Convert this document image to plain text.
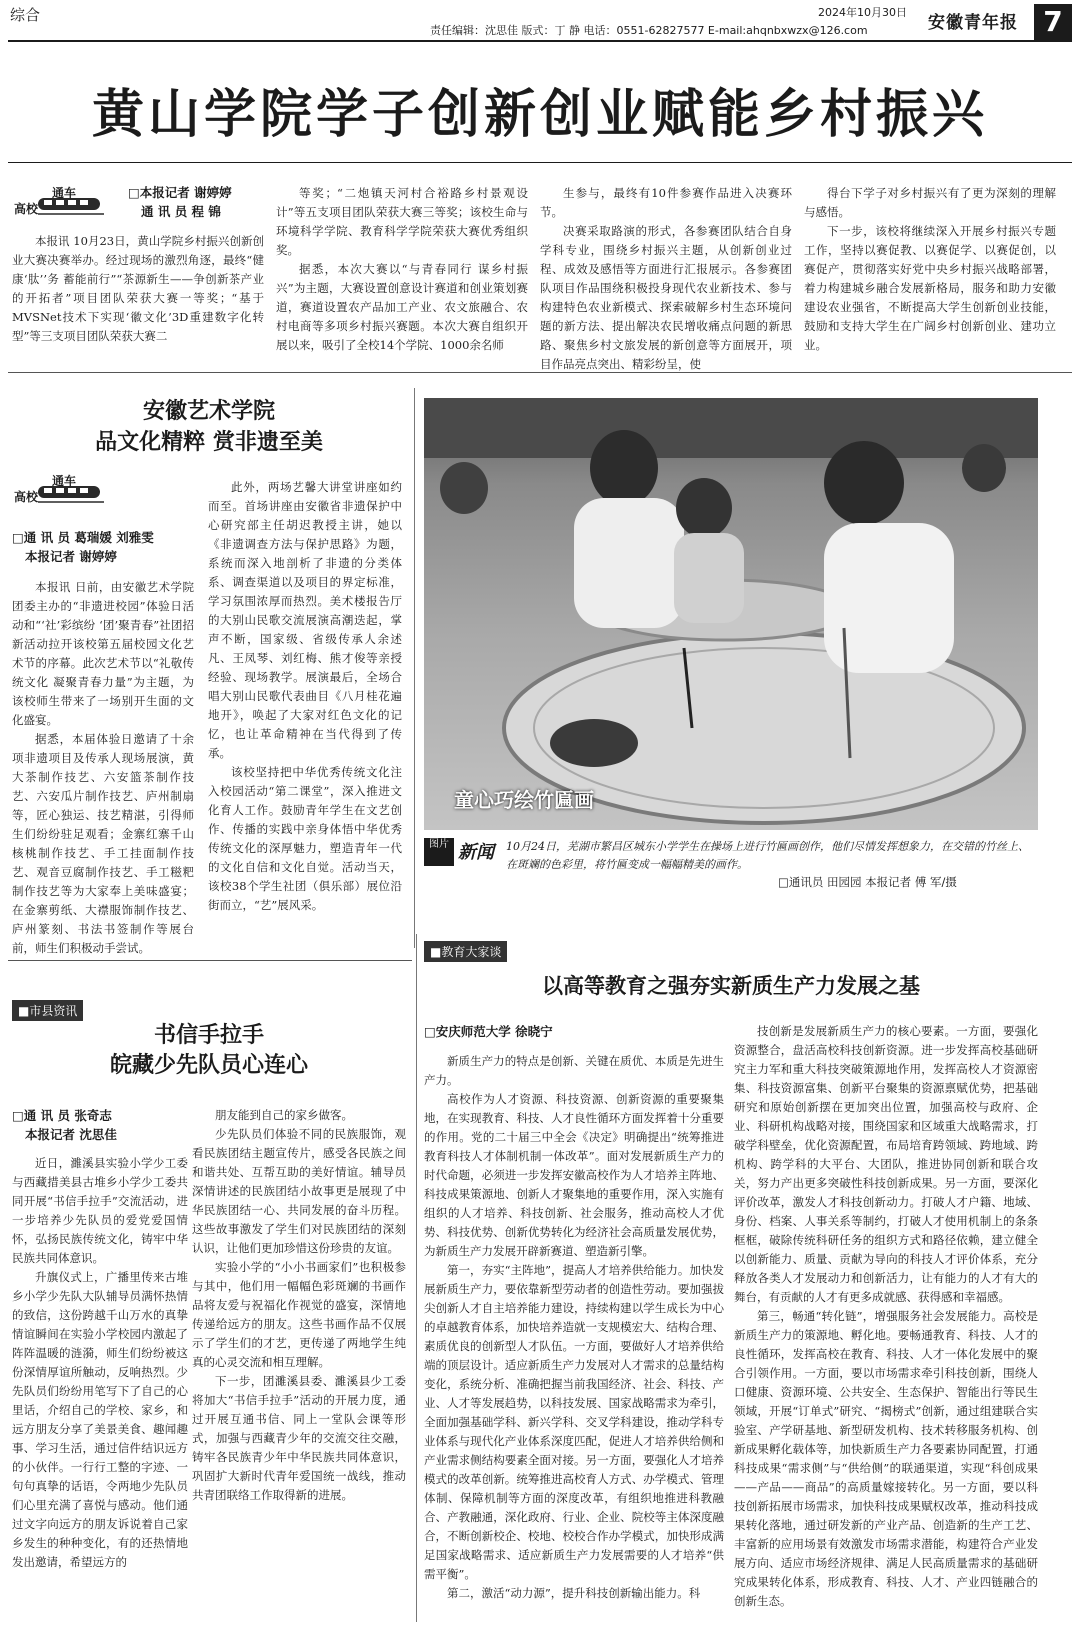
综合	2024年10月30日
责任编辑：沈思佳 版式：丁 静 电话：0551-62827577 E-mail:ahqnbxwzx@126.com	安徽青年报 7
黄山学院学子创新创业赋能乡村振兴
高校
通车	□本报记者 谢婷婷
通 讯 员 程 锦

本报讯 10月23日，黄山学院乡村振兴创新创业大赛决赛举办。经过现场的激烈角逐，最终“健康‘肽’’务 蓄能前行”“茶源新生——争创新茶产业的开拓者”项目团队荣获大赛一等奖；“基于MVSNet技术下实现‘徽文化’3D重建数字化转型”等三支项目团队荣获大赛二

等奖；“二炮镇天河村合裕路乡村景观设计”等五支项目团队荣获大赛三等奖；该校生命与环境科学学院、教育科学学院荣获大赛优秀组织奖。

据悉，本次大赛以“与青春同行 谋乡村振兴”为主题，大赛设置创意设计赛道和创业策划赛道，赛道设置农产品加工产业、农文旅融合、农村电商等多项乡村振兴赛题。本次大赛自组织开展以来，吸引了全校14个学院、1000余名师

生参与，最终有10件参赛作品进入决赛环节。

决赛采取路演的形式，各参赛团队结合自身学科专业，围绕乡村振兴主题，从创新创业过程、成效及感悟等方面进行汇报展示。各参赛团队项目作品围绕积极投身现代农业新技术、参与构建特色农业新模式、探索破解乡村生态环境问题的新方法、提出解决农民增收痛点问题的新思路、聚焦乡村文旅发展的新创意等方面展开，项目作品亮点突出、精彩纷呈，使

得台下学子对乡村振兴有了更为深刻的理解与感悟。

下一步，该校将继续深入开展乡村振兴专题工作，坚持以赛促教、以赛促学、以赛促创，以赛促产，贯彻落实好党中央乡村振兴战略部署，着力构建城乡融合发展新格局，服务和助力安徽建设农业强省，不断提高大学生创新创业技能，鼓励和支持大学生在广阔乡村创新创业、建功立业。

安徽艺术学院
品文化精粹 赏非遗至美
高校
通车
□通 讯 员 葛瑞媛 刘雅雯
本报记者 谢婷婷

本报讯 日前，由安徽艺术学院团委主办的“非遗进校园”体验日活动和“‘社’彩缤纷 ‘团’聚青春”社团招新活动拉开该校第五届校园文化艺术节的序幕。此次艺术节以“礼敬传统文化 凝聚青春力量”为主题，为该校师生带来了一场别开生面的文化盛宴。

据悉，本届体验日邀请了十余项非遗项目及传承人现场展演，黄大茶制作技艺、六安篮茶制作技艺、六安瓜片制作技艺、庐州制扇等，匠心独运、技艺精湛，引得师生们纷纷驻足观看；金寨红寨千山核桃制作技艺、手工挂面制作技艺、观音豆腐制作技艺、手工糍粑制作技艺等为大家奉上美味盛宴；在金寨剪纸、大襟服饰制作技艺、庐州篆刻、书法书签制作等展台前，师生们积极动手尝试。

此外，两场艺馨大讲堂讲座如约而至。首场讲座由安徽省非遗保护中心研究部主任胡迟教授主讲，她以《非遗调查方法与保护思路》为题，系统而深入地剖析了非遗的分类体系、调查渠道以及项目的界定标准，学习氛围浓厚而热烈。美术楼报告厅的大别山民歌交流展演高潮迭起，掌声不断，国家级、省级传承人余述凡、王凤琴、刘红梅、熊才俊等亲授经验、现场教学。展演最后，全场合唱大别山民歌代表曲目《八月桂花遍地开》，唤起了大家对红色文化的记忆，也让革命精神在当代得到了传承。

该校坚持把中华优秀传统文化注入校园活动“第二课堂”，深入推进文化育人工作。鼓励青年学生在文艺创作、传播的实践中亲身体悟中华优秀传统文化的深厚魅力，塑造青年一代的文化自信和文化自觉。活动当天，该校38个学生社团（俱乐部）展位沿街而立，“艺”展风采。

童心巧绘竹匾画
图片 新闻 10月24日，芜湖市繁昌区城东小学学生在操场上进行竹匾画创作，他们尽情发挥想象力，在交错的竹丝上、在斑斓的色彩里，将竹匾变成一幅幅精美的画作。
□通讯员 田园园 本报记者 傅 军/摄
■教育大家谈
以高等教育之强夯实新质生产力发展之基
□安庆师范大学 徐晓宁

新质生产力的特点是创新、关键在质优、本质是先进生产力。

高校作为人才资源、科技资源、创新资源的重要聚集地，在实现教育、科技、人才良性循环方面发挥着十分重要的作用。党的二十届三中全会《决定》明确提出“统筹推进教育科技人才体制机制一体改革”。面对发展新质生产力的时代命题，必须进一步发挥安徽高校作为人才培养主阵地、科技成果策源地、创新人才聚集地的重要作用，深入实施有组织的人才培养、科技创新、社会服务，推动高校人才优势、科技优势、创新优势转化为经济社会高质量发展优势，为新质生产力发展开辟新赛道、塑造新引擎。

第一，夯实“主阵地”，提高人才培养供给能力。加快发展新质生产力，要依靠新型劳动者的创造性劳动。要加强拔尖创新人才自主培养能力建设，持续构建以学生成长为中心的卓越教育体系，加快培养造就一支规模宏大、结构合理、素质优良的创新型人才队伍。一方面，要做好人才培养供给端的顶层设计。适应新质生产力发展对人才需求的总量结构变化，系统分析、准确把握当前我国经济、社会、科技、产业、人才等发展趋势，以科技发展、国家战略需求为牵引，全面加强基础学科、新兴学科、交叉学科建设，推动学科专业体系与现代化产业体系深度匹配，促进人才培养供给侧和产业需求侧结构要素全面对接。另一方面，要强化人才培养模式的改革创新。统筹推进高校育人方式、办学模式、管理体制、保障机制等方面的深度改革，有组织地推进科教融合、产教融通，深化政府、行业、企业、院校等主体深度融合，不断创新校企、校地、校校合作办学模式，加快形成满足国家战略需求、适应新质生产力发展需要的人才培养“供需平衡”。

第二，激活“动力源”，提升科技创新输出能力。科

技创新是发展新质生产力的核心要素。一方面，要强化资源整合，盘活高校科技创新资源。进一步发挥高校基础研究主力军和重大科技突破策源地作用，发挥高校人才资源密集、科技资源富集、创新平台聚集的资源禀赋优势，把基础研究和原始创新摆在更加突出位置，加强高校与政府、企业、科研机构战略对接，围绕国家和区域重大战略需求，打破学科壁垒，优化资源配置，布局培育跨领域、跨地域、跨机构、跨学科的大平台、大团队，推进协同创新和联合攻关，努力产出更多突破性科技创新成果。另一方面，要深化评价改革，激发人才科技创新动力。打破人才户籍、地域、身份、档案、人事关系等制约，打破人才使用机制上的条条框框，破除传统科研任务的组织方式和路径依赖，建立健全以创新能力、质量、贡献为导向的科技人才评价体系，充分释放各类人才发展动力和创新活力，让有能力的人才有大的舞台，有贡献的人才有更多成就感、获得感和幸福感。

第三，畅通“转化链”，增强服务社会发展能力。高校是新质生产力的策源地、孵化地。要畅通教育、科技、人才的良性循环，发挥高校在教育、科技、人才一体化发展中的聚合引领作用。一方面，要以市场需求牵引科技创新，围绕人口健康、资源环境、公共安全、生态保护、智能出行等民生领域，开展“订单式”研究、“揭榜式”创新，通过组建联合实验室、产学研基地、新型研发机构、技术转移服务机构、创新成果孵化载体等，加快新质生产力各要素协同配置，打通科技成果“需求侧”与“供给侧”的联通渠道，实现“科创成果——产品——商品”的高质量嫁接转化。另一方面，要以科技创新拓展市场需求，加快科技成果赋权改革，推动科技成果转化落地，通过研发新的产业产品、创造新的生产工艺、丰富新的应用场景有效激发市场需求潜能，构建符合产业发展方向、适应市场经济规律、满足人民高质量需求的基础研究成果转化体系，形成教育、科技、人才、产业四链融合的创新生态。

■市县资讯
书信手拉手
皖藏少先队员心连心
□通 讯 员 张奇志
本报记者 沈思佳

近日，濉溪县实验小学少工委与西藏措美县古堆乡小学少工委共同开展“书信手拉手”交流活动，进一步培养少先队员的爱党爱国情怀，弘扬民族传统文化，铸牢中华民族共同体意识。

升旗仪式上，广播里传来古堆乡小学少先队大队辅导员满怀热情的致信，这份跨越千山万水的真挚情谊瞬间在实验小学校园内激起了阵阵温暖的涟漪，师生们纷纷被这份深情厚谊所触动，反响热烈。少先队员们纷纷用笔写下了自己的心里话，介绍自己的学校、家乡，和远方朋友分享了美景美食、趣闻趣事、学习生活，通过信件结识远方的小伙伴。一行行工整的字迹、一句句真挚的话语，令两地少先队员们心里充满了喜悦与感动。他们通过文字向远方的朋友诉说着自己家乡发生的种种变化，有的还热情地发出邀请，希望远方的

朋友能到自己的家乡做客。

少先队员们体验不同的民族服饰，观看民族团结主题宣传片，感受各民族之间和谐共处、互帮互助的美好情谊。辅导员深情讲述的民族团结小故事更是展现了中华民族团结一心、共同发展的奋斗历程。这些故事激发了学生们对民族团结的深刻认识，让他们更加珍惜这份珍贵的友谊。

实验小学的“小小书画家们”也积极参与其中，他们用一幅幅色彩斑斓的书画作品将友爱与祝福化作视觉的盛宴，深情地传递给远方的朋友。这些书画作品不仅展示了学生们的才艺，更传递了两地学生纯真的心灵交流和相互理解。

下一步，团濉溪县委、濉溪县少工委将加大“书信手拉手”活动的开展力度，通过开展互通书信、同上一堂队会课等形式，加强与西藏青少年的交流交往交融，铸牢各民族青少年中华民族共同体意识，巩固扩大新时代青年爱国统一战线，推动共青团联络工作取得新的进展。
